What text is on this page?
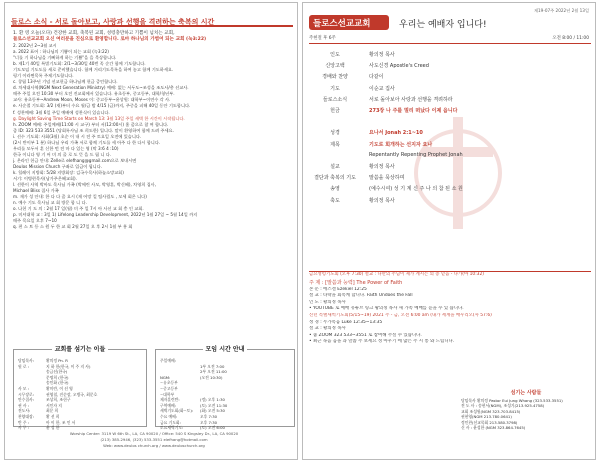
들로스 소식 - 서로 돌아보고, 사랑과 선행을 격려하는 축복의 시간
1. 환 영 오늘(오다) 건강한 교회, 축복된 교회, 성령충만하고 기쁨이 넘치는 교회,
들로스선교교회 오신 여러분을 진심으로 환영합니다. 로마 하나님의 가볍어 되는 교회 (눅3:22)
2. 2022년 2~3월 교시
a. 2022 표어 : 하나님의 기쁨이 되는 교회 (눅3:22)
"너를 기 하나님을 기뻐하게 하는 기쁨"을 을 묵상합니다.
b. 제1기 40일 특별기도회: 2/1~3/30일 40번 꼭 순간 함께 기도합니다.
기도모임 기도도를 새로 준비했습니다. 함께 거리기도목록을 하여 놓고 함께 기도하세요.
평기 이라면목록 주제기도합니다.
c. 창립 13주년 기념 선교헌금 하나님께 헌금 증언합니다.
d. 차세대사역(NGM Next Generation Ministry) 예배: 없는 서두도~조성을 조도사/총 선교사.
매주 주일 오전 10:30 부터 오전 진교회에서 있습니다. 유초등부, 중고등부, 대학/청년부.
교사: 유초등부~Andrew Moon, Moses 이: 중고등부~윤상원: 대학부~이연수 각 사.
e. 사순절 기도회: 3/2 (재)부터 수요 월/금 밤 4/15 (금)까지, 주중을 피해 40일 동안 기도합니다.
f. 성찬예배: 3월 6일 주일 예배에 성찬식이 있습니다.
g. Daylight Saving Time Starts on March 13: 3월 13일 주일 새벽 한 시간이 시작됩니다.
h. ZOOM 예배: 주일예배(11:00 시 교구) 부터 서(12:00시) 홈 줌으로 참 여 합니다.
줌 ID: 323 533 3551 (당회록사님 조 희도한) 입니다. 말이 환영하여 함께 드려 주세요.
i. 선수 기도회: 사회(3월) 초순 이 내 시 전 주 토요일 오전에 있습니다.
(2시 반이부 1 분) 하나님 우리 가족 서로 함께 기도를 세 아주 다 한 다시 합니다.
우리를 모두서 훈 신한 먼 전 마 다 있는 영 (막 3:6 4 :10)
한국 이니다 영 기 어 미 의 줄 로 도 뜻 을 드 립 니 다.
j. 온라인 헌금 안내: Zelle로 elefhang@gmail.com으로 보내시면
Deulos Mission Church 구좌로 입금이 됩니다.
k. 힐레이 지방회: 5/28 지방회장: 김국수목사(하늘소망교회)
서기: 이병현목사(남가주은혜교회).
l. 선한이 사역 박아도 목사님 가족 (박에린 사모, 박영훈, 박신혜), 차영희 집사,
Michael Bliss 집사 가족
m. 재가 성 안내: 한 다 다 줌 요시 (재 어망 킬 팀사림도 , 모세 회은 니다)
n. 예수 기도 목사님 교 회 방문 합 니 다.
o. 나헌 기 도 의 : 2월 17 일(월) 미 주 일 7시 아 사선 교 회 충 인 교회.
p. 미셔대학 교 : 3일 1) Lifelong Leadership Development, 2022년 1월 27일 ~ 5월 14일 까지
매주 목요일 오후 7~10
q. 편 스 트 등 스 원 두 한 교 회 2월 27일 오 후 2시 1월 부 흥 회
교회를 섬기는 이들
담임목사:	황의정 Pn. R
원 로 :	지 하 한(한국, 이 주 지 사)
송금선(한국)
문명희 (한국)
송인화 (한국)
사 모 :	황미란, 이 선 영
시무장로:	권영철, 진순장, 오병국, 최문호
안수집사:	조상희, 조헌구
권 사 :	서인자 지
전도사:	최문 희
찬양대장:	황 선 희
반 주 :	아 이 한, 조 인 서
사 무 :	윤 성 한
모임 시간 안내
주일예배:
1부 오전 7:00
2부 오전 11:00
NGM:	(오전 10:30)
~유초등부
~중고등부
~대학부
제자훈련반:	(정) 오후 1:30
구역예배:	(토) 오전 11:30
새벽기도회(화~토):	(화) 오전 5:30
수요 예배:	오후 7:30
금요 기도회:	오후 7:30
토요새벽기도:	(토) 오전 6:00
Worship Center: 3119 W 6th St., LA, CA 90020 / Office: 540 S Kingsley Dr., LA, CA 90020
(213) 385-2946, (323) 533-3551 elefhang@hotmail.com
Web: www.deulos church.org / www.deuloschurch.org
제19-07주 2022년 2월 13일
들로스선교교회	우리는 예배자 입니다!
주현절 후 6주	오전 8:00 / 11:00
인도	황의정 목사
신앙고백	사도신경 Apostle's Creed
경배와 찬양	다같이
기도	이순교 집사
들로스소식	서로 돌아보아 사랑과 선행을 격려하라
헌금	273장 나 주를 멀리 떠났다 이제 옵니다
성경	요나서 Jonah 2:1~10
제목	기도로 회개하는 선지자 요나
Repentantly Repenting Prophet Jonah
설교	황의정 목사
결단과 축복의 기도	말씀을 묵상하며
송영	(예수시여) 성 기 계 신 주 나 의 참 된 소 원
축도	황의정 목사
금요성령기도회 (오후 7:30) 설교 : 나만의 주님이 제가 계시는 의 증 믿음 - 나가(마 10:32)
주 제 : [말씀과 능력] The Power of Faith
본 문 : 에스겔 Ezekiel 12:25
설 교 : 타락을 회복케 합니다. Faith Undoes the Fall
인 도 : 황의정 목사
• YOUTUBE 로 예배 유튜브 링크 황의정 목사 새 가족 예배를 듣을 수 있 습니다.
신년 특별새벽기도회(5/15~19) 2021 주 - 금, 오전 6:00 am (내가 세계을 배우리오(사 57:6)
성 경 : 누가복음 Luke 12:35~13:35
설 교 : 황의정 목사
• 줌 ZOOM 323 533~3551 로 참여해 주실 수 있습니다.
• 최근 녹음 음을 과 말씀 주 보세요 성 아우기 에 많은 주 시 통 와 드립니다.
섬기는 사람들
담임목사 황의정 Pastor Eui Jung Whang (323.533.3551)
전 도 사 : 송현서(NGM), 조성기(213.925.4758)
교회 조성원(NGM 323.703.8415)
권현영(NGM 213.780.0641)
정인찬(선교목회 213.580.3798)
신 사 : 윤성한 (NGM 323.864.7645)
